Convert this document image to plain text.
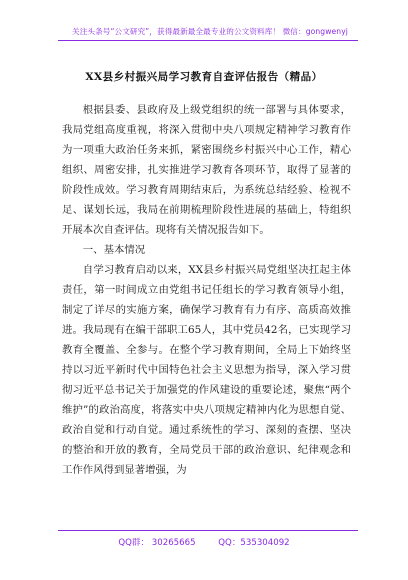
关注头条号“公文研究”，获得最新最全最专业的公文资料库！ 微信：gongwenyj
XX县乡村振兴局学习教育自查评估报告（精品）

根据县委、县政府及上级党组织的统一部署与具体要求，我局党组高度重视，将深入贯彻中央八项规定精神学习教育作为一项重大政治任务来抓，紧密围绕乡村振兴中心工作，精心组织、周密安排，扎实推进学习教育各项环节，取得了显著的阶段性成效。学习教育周期结束后，为系统总结经验、检视不足、谋划长远，我局在前期梳理阶段性进展的基础上，特组织开展本次自查评估。现将有关情况报告如下。

一、基本情况

自学习教育启动以来，XX县乡村振兴局党组坚决扛起主体责任，第一时间成立由党组书记任组长的学习教育领导小组，制定了详尽的实施方案，确保学习教育有力有序、高质高效推进。我局现有在编干部职工65人，其中党员42名，已实现学习教育全覆盖、全参与。在整个学习教育期间，全局上下始终坚持以习近平新时代中国特色社会主义思想为指导，深入学习贯彻习近平总书记关于加强党的作风建设的重要论述，聚焦“两个维护”的政治高度，将落实中央八项规定精神内化为思想自觉、政治自觉和行动自觉。通过系统性的学习、深刻的查摆、坚决的整治和开放的教育，全局党员干部的政治意识、纪律观念和工作作风得到显著增强，为

QQ群： 30265665	QQ：535304092
